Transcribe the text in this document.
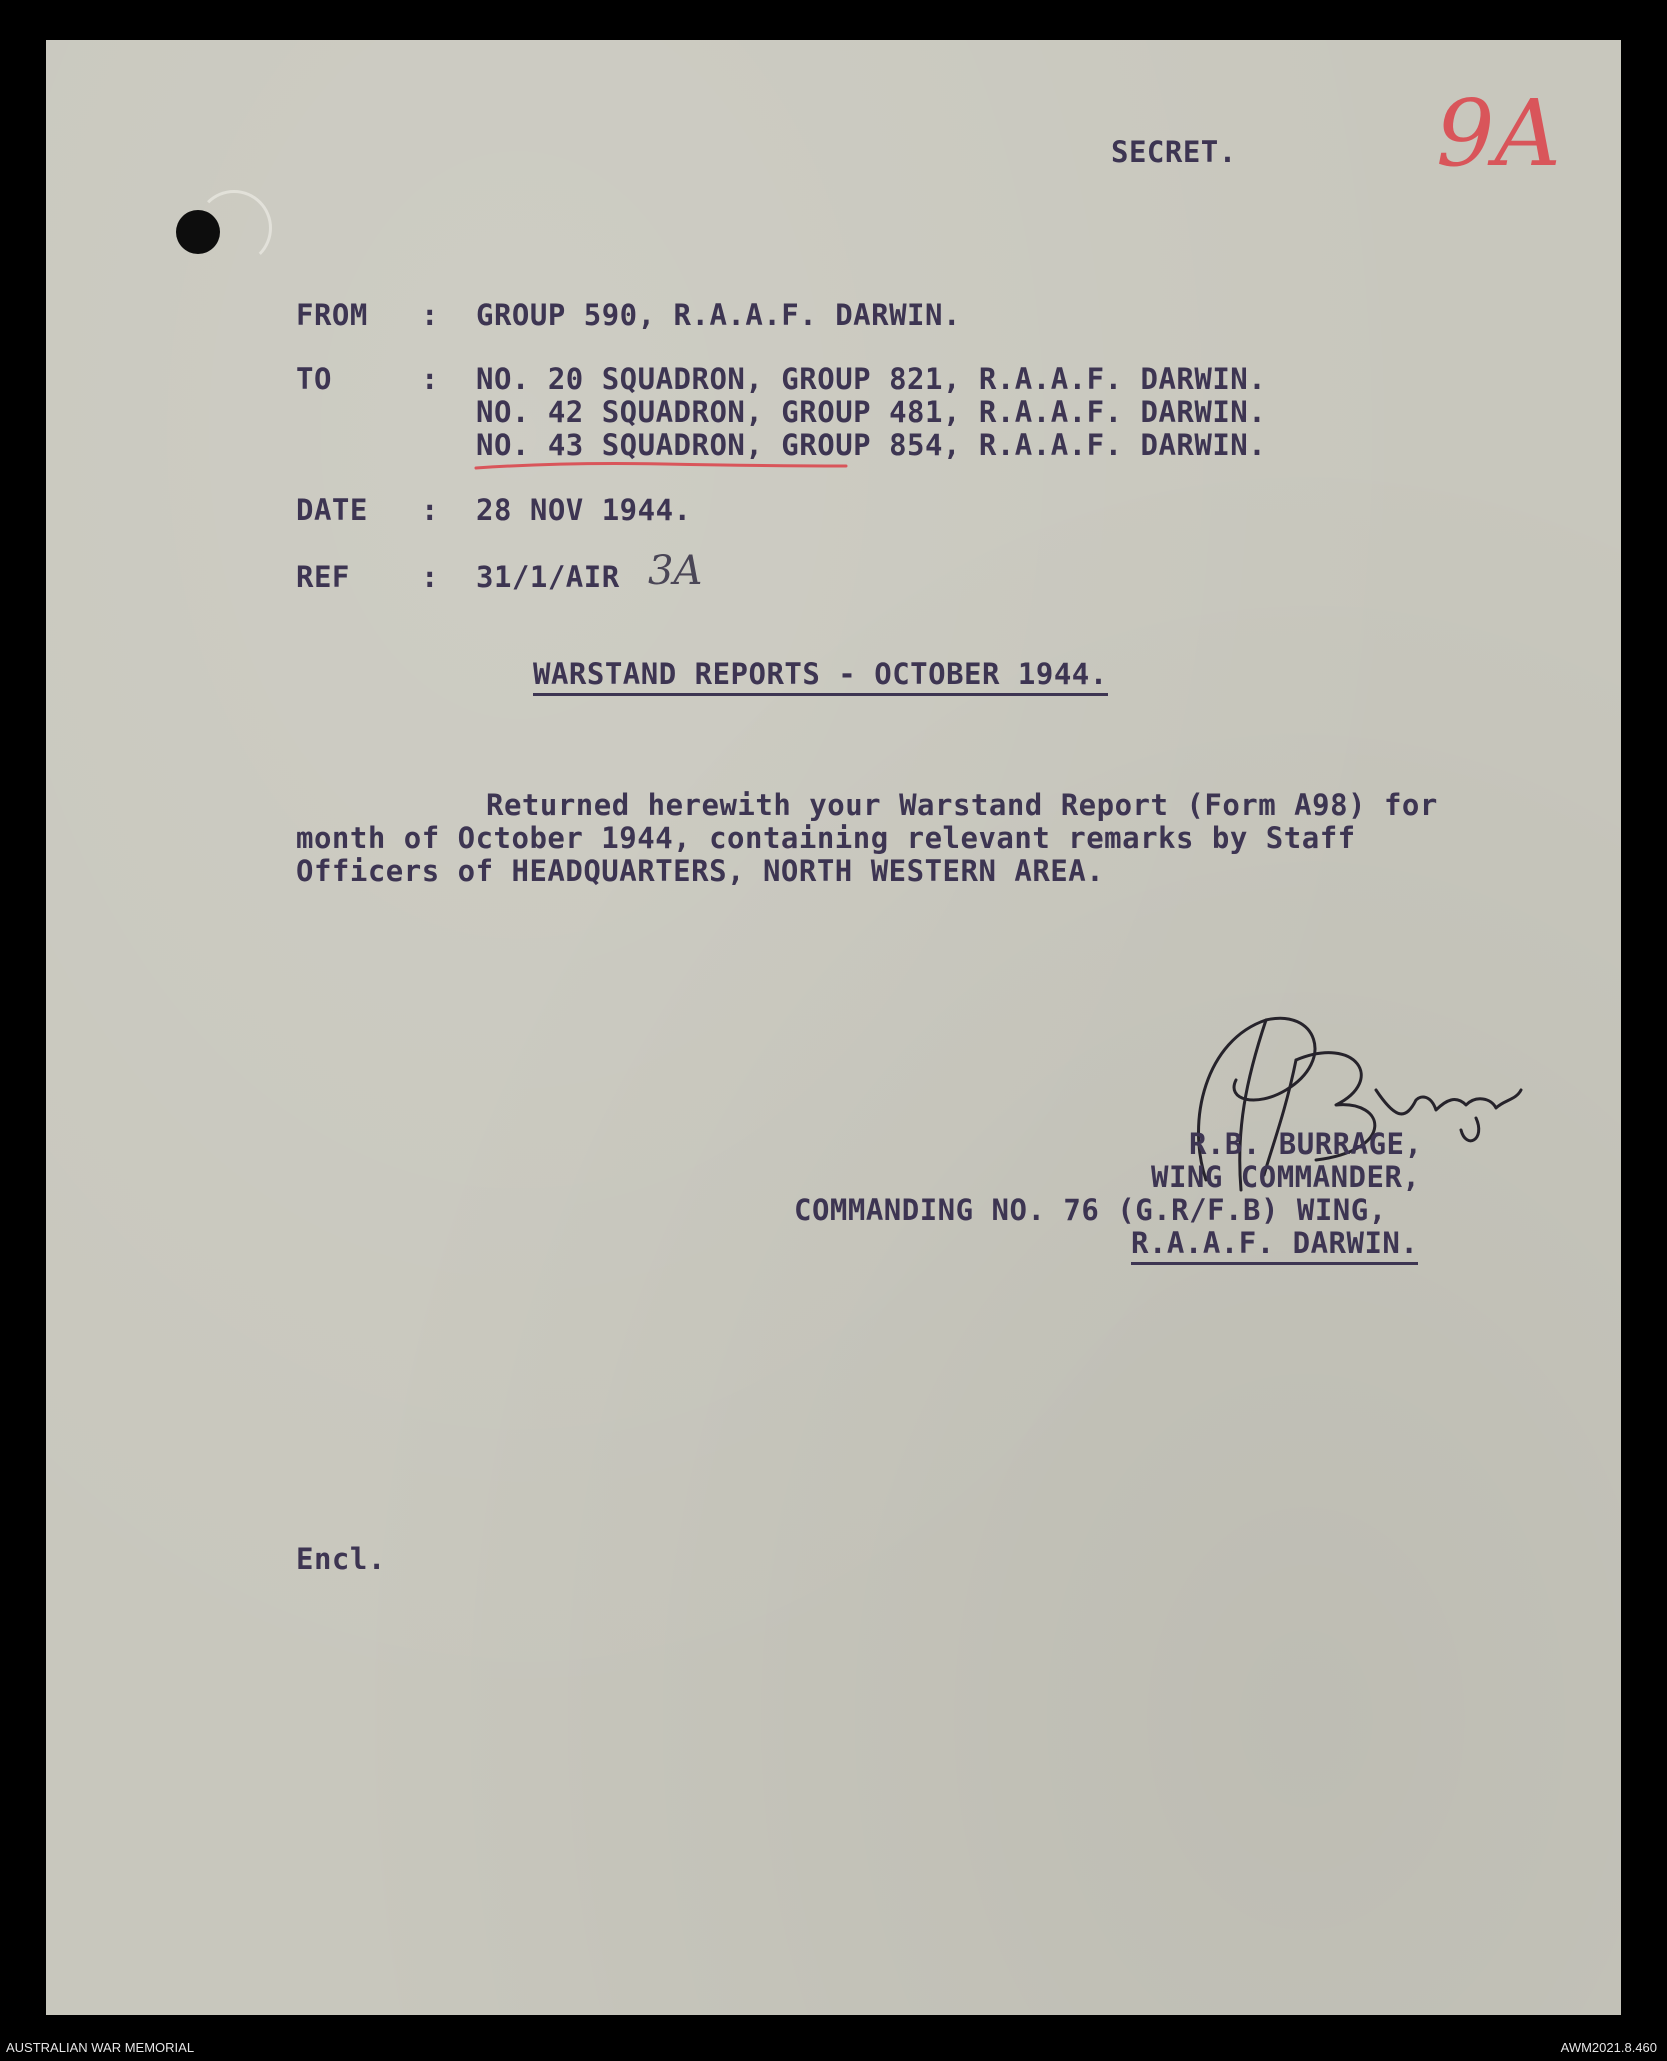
SECRET. 9A
FROM : GROUP 590, R.A.A.F. DARWIN.
TO	: NO. 20 SQUADRON, GROUP 821, R.A.A.F. DARWIN.
NO. 42 SQUADRON, GROUP 481, R.A.A.F. DARWIN.
NO. 43 SQUADRON, GROUP 854, R.A.A.F. DARWIN.
DATE : 28 NOV 1944.
REF : 31/1/AIR 3A
WARSTAND REPORTS - OCTOBER 1944.
Returned herewith your Warstand Report (Form A98) for
month of October 1944, containing relevant remarks by Staff
Officers of HEADQUARTERS, NORTH WESTERN AREA.
R.B. BURRAGE,
WING COMMANDER,
COMMANDING NO. 76 (G.R/F.B) WING,
R.A.A.F. DARWIN.
Encl.
AUSTRALIAN WAR MEMORIAL	AWM2021.8.460
